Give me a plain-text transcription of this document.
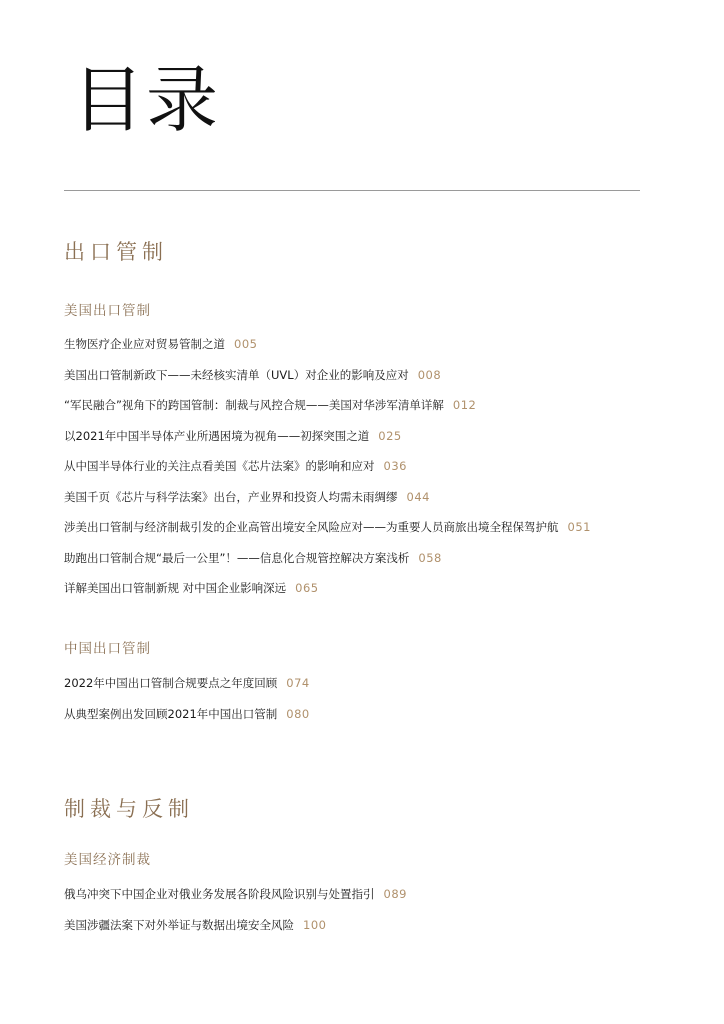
目录
出口管制
美国出口管制
生物医疗企业应对贸易管制之道 005
美国出口管制新政下——未经核实清单（UVL）对企业的影响及应对 008
“军民融合”视角下的跨国管制：制裁与风控合规——美国对华涉军清单详解 012
以2021年中国半导体产业所遇困境为视角——初探突围之道 025
从中国半导体行业的关注点看美国《芯片法案》的影响和应对 036
美国千页《芯片与科学法案》出台，产业界和投资人均需未雨绸缪 044
涉美出口管制与经济制裁引发的企业高管出境安全风险应对——为重要人员商旅出境全程保驾护航 051
助跑出口管制合规“最后一公里”！——信息化合规管控解决方案浅析 058
详解美国出口管制新规 对中国企业影响深远 065
中国出口管制
2022年中国出口管制合规要点之年度回顾 074
从典型案例出发回顾2021年中国出口管制 080
制裁与反制
美国经济制裁
俄乌冲突下中国企业对俄业务发展各阶段风险识别与处置指引 089
美国涉疆法案下对外举证与数据出境安全风险 100
